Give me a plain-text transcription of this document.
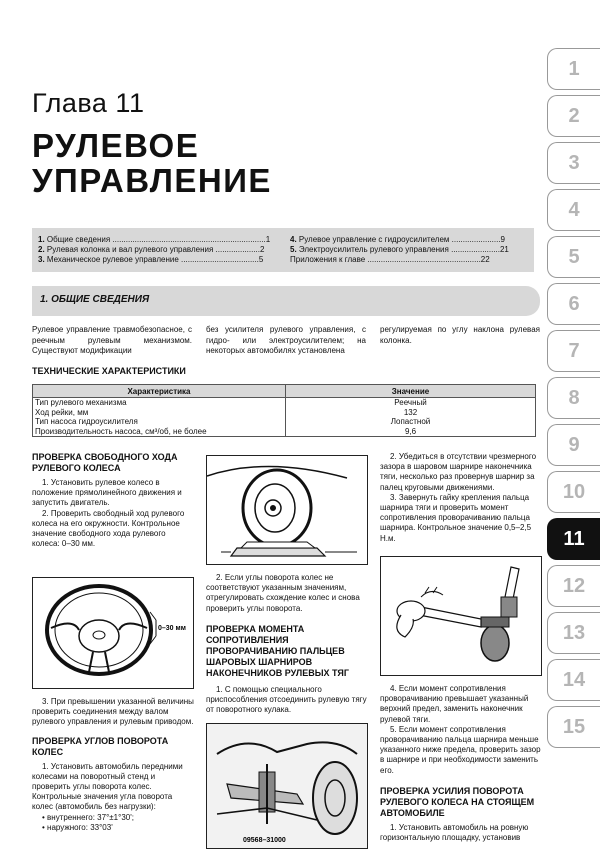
Глава 11
РУЛЕВОЕ
УПРАВЛЕНИЕ
1. Общие сведения .....................................................................1
2. Рулевая колонка и вал рулевого управления ....................2
3. Механическое рулевое управление ...................................5
4. Рулевое управление с гидроусилителем ......................9
5. Электроусилитель рулевого управления ......................21
Приложения к главе ...................................................22
1. ОБЩИЕ СВЕДЕНИЯ
Рулевое управление травмобезопасное, с реечным рулевым механизмом. Существуют модификации
без усилителя рулевого управления, с гидро- или электроусилителем; на некоторых автомобилях установлена
регулируемая по углу наклона рулевая колонка.
ТЕХНИЧЕСКИЕ ХАРАКТЕРИСТИКИ
Характеристика	Значение
Тип рулевого механизма	Реечный
Ход рейки, мм	132
Тип насоса гидроусилителя	Лопастной
Производительность насоса, см³/об, не более	9,6
ПРОВЕРКА СВОБОДНОГО ХОДА РУЛЕВОГО КОЛЕСА

1. Установить рулевое колесо в положение прямолинейного движения и запустить двигатель.

2. Проверить свободный ход рулевого колеса на его окружности. Контрольное значение свободного хода рулевого колеса: 0–30 мм.

0–30 мм

3. При превышении указанной величины проверить соединения между валом рулевого управления и рулевым приводом.

ПРОВЕРКА УГЛОВ ПОВОРОТА КОЛЕС

1. Установить автомобиль передними колесами на поворотный стенд и проверить углы поворота колес. Контрольные значения угла поворота колес (автомобиль без нагрузки):

• внутреннего: 37°±1°30';
• наружного: 33°03'

2. Если углы поворота колес не соответствуют указанным значениям, отрегулировать схождение колес и снова проверить углы поворота.

ПРОВЕРКА МОМЕНТА СОПРОТИВЛЕНИЯ ПРОВОРАЧИВАНИЮ ПАЛЬЦЕВ ШАРОВЫХ ШАРНИРОВ НАКОНЕЧНИКОВ РУЛЕВЫХ ТЯГ

1. С помощью специального приспособления отсоединить рулевую тягу от поворотного кулака.

09568–31000

2. Убедиться в отсутствии чрезмерного зазора в шаровом шарнире наконечника тяги, несколько раз провернув шарнир за палец круговыми движениями.

3. Завернуть гайку крепления пальца шарнира тяги и проверить момент сопротивления проворачиванию пальца шарнира. Контрольное значение 0,5–2,5 Н.м.

4. Если момент сопротивления проворачиванию превышает указанный верхний предел, заменить наконечник рулевой тяги.

5. Если момент сопротивления проворачиванию пальца шарнира меньше указанного ниже предела, проверить зазор в шарнире и при необходимости заменить его.

ПРОВЕРКА УСИЛИЯ ПОВОРОТА РУЛЕВОГО КОЛЕСА НА СТОЯЩЕМ АВТОМОБИЛЕ

1. Установить автомобиль на ровную горизонтальную площадку, установив

1
2
3
4
5
6
7
8
9
10
11
12
13
14
15
